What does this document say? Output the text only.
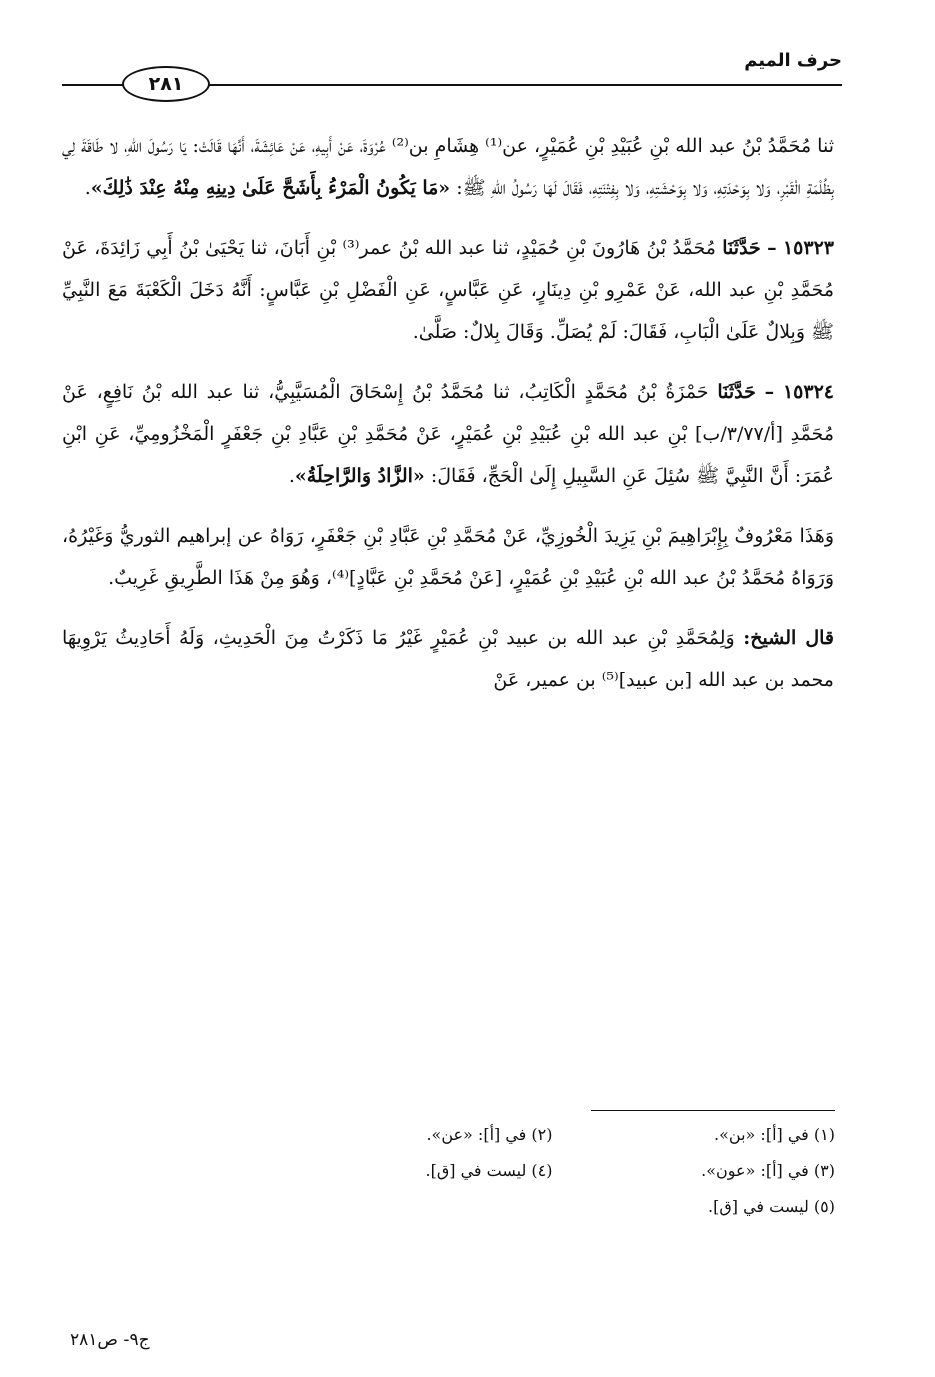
حرف الميم
٢٨١

ثنا مُحَمَّدُ بْنُ عبد الله بْنِ عُبَيْدِ بْنِ عُمَيْرٍ، عن⁽¹⁾ هِشَامِ بن⁽²⁾ عُرْوَةَ، عَنْ أَبِيهِ، عَنْ عَائِشَةَ، أَنَّهَا قَالَتْ: يَا رَسُولَ اللهِ، لا طَاقَةَ لِي بِظُلْمَةِ الْقَبْرِ، وَلا بِوَحْدَتِهِ، وَلا بِوَحْشَتِهِ، وَلا بِفِتْنَتِهِ، فَقَالَ لَهَا رَسُولُ اللهِ ﷺ: «مَا يَكُونُ الْمَرْءُ بِأَشَحَّ عَلَىٰ دِينِهِ مِنْهُ عِنْدَ ذَٰلِكَ».

١٥٣٢٣ – حَدَّثَنَا مُحَمَّدُ بْنُ هَارُونَ بْنِ حُمَيْدٍ، ثنا عبد الله بْنُ عمر⁽³⁾ بْنِ أَبَانَ، ثنا يَحْيَىٰ بْنُ أَبِي زَائِدَةَ، عَنْ مُحَمَّدِ بْنِ عبد الله، عَنْ عَمْرِو بْنِ دِينَارٍ، عَنِ عَبَّاسٍ، عَنِ الْفَضْلِ بْنِ عَبَّاسٍ: أَنَّهُ دَخَلَ الْكَعْبَةَ مَعَ النَّبِيِّ ﷺ وَبِلالٌ عَلَىٰ الْبَابِ، فَقَالَ: لَمْ يُصَلِّ. وَقَالَ بِلالٌ: صَلَّىٰ.

١٥٣٢٤ – حَدَّثَنَا حَمْزَةُ بْنُ مُحَمَّدٍ الْكَاتِبُ، ثنا مُحَمَّدُ بْنُ إِسْحَاقَ الْمُسَيَّبِيُّ، ثنا عبد الله بْنُ نَافِعٍ، عَنْ مُحَمَّدِ [أ/٣/٧٧/ب] بْنِ عبد الله بْنِ عُبَيْدِ بْنِ عُمَيْرٍ، عَنْ مُحَمَّدِ بْنِ عَبَّادِ بْنِ جَعْفَرٍ الْمَخْزُومِيِّ، عَنِ ابْنِ عُمَرَ: أَنَّ النَّبِيَّ ﷺ سُئِلَ عَنِ السَّبِيلِ إِلَىٰ الْحَجِّ، فَقَالَ: «الزَّادُ وَالرَّاحِلَةُ».

وَهَذَا مَعْرُوفٌ بِإِبْرَاهِيمَ بْنِ يَزِيدَ الْخُوزِيِّ، عَنْ مُحَمَّدِ بْنِ عَبَّادِ بْنِ جَعْفَرٍ، رَوَاهُ عن إبراهيم الثوريُّ وَغَيْرُهُ، وَرَوَاهُ مُحَمَّدُ بْنُ عبد الله بْنِ عُبَيْدِ بْنِ عُمَيْرٍ، [عَنْ مُحَمَّدِ بْنِ عَبَّادٍ]⁽⁴⁾، وَهُوَ مِنْ هَذَا الطَّرِيقِ غَرِيبٌ.

قال الشيخ: وَلِمُحَمَّدِ بْنِ عبد الله بن عبيد بْنِ عُمَيْرٍ غَيْرُ مَا ذَكَرْتُ مِنَ الْحَدِيثِ، وَلَهُ أَحَادِيثُ يَرْوِيهَا محمد بن عبد الله [بن عبيد]⁽⁵⁾ بن عمير، عَنْ

(١) في [أ]: «بن».
(٢) في [أ]: «عن».
(٣) في [أ]: «عون».
(٤) ليست في [ق].
(٥) ليست في [ق].
ج٩- ص٢٨١
